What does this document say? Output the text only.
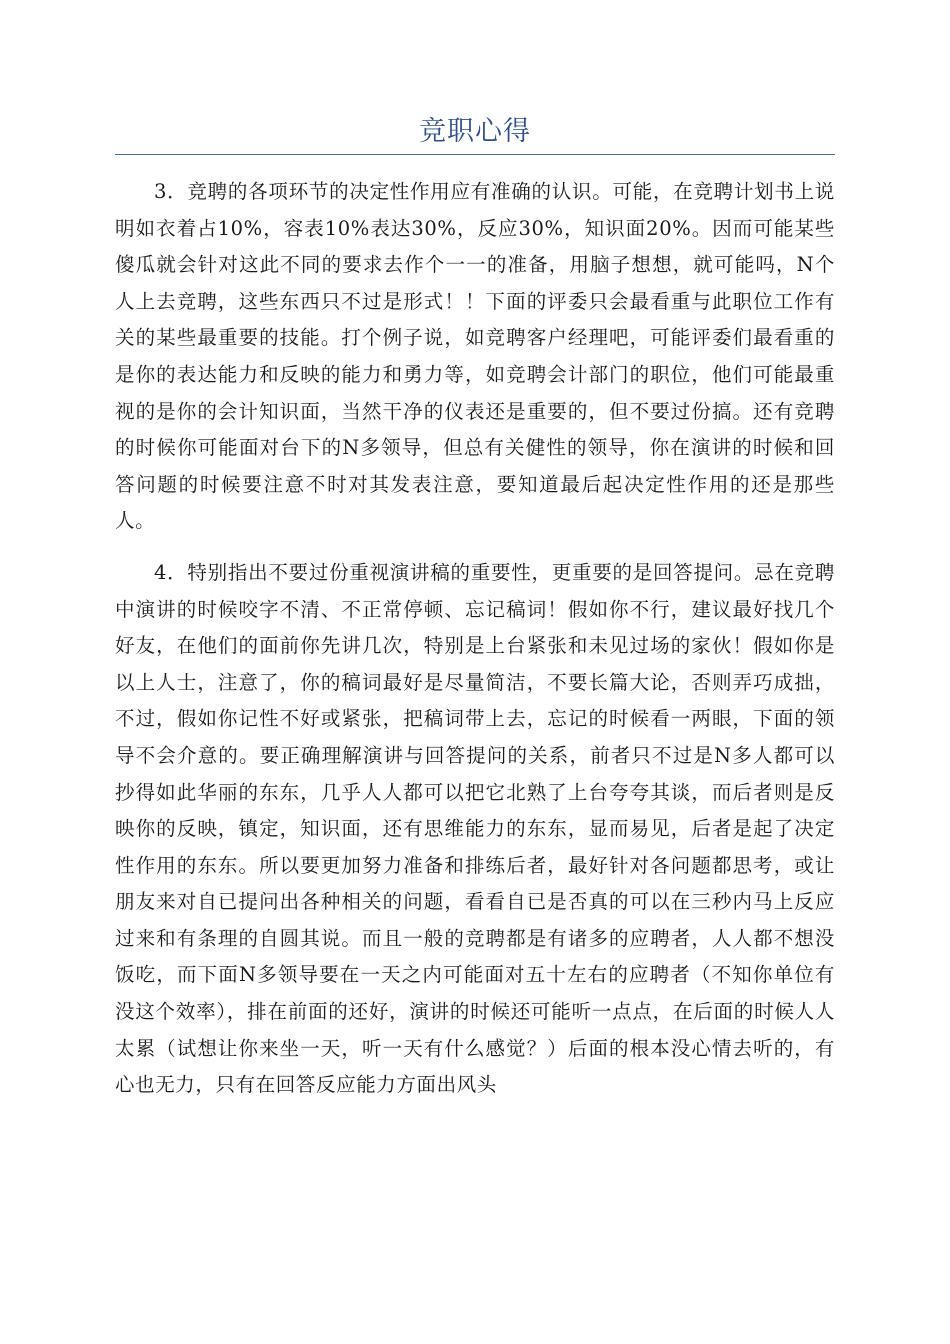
竞职心得

3．竞聘的各项环节的决定性作用应有准确的认识。可能，在竞聘计划书上说明如衣着占10%，容表10%表达30%，反应30%，知识面20%。因而可能某些傻瓜就会针对这此不同的要求去作个一一的准备，用脑子想想，就可能吗，N个人上去竞聘，这些东西只不过是形式！！下面的评委只会最看重与此职位工作有关的某些最重要的技能。打个例子说，如竞聘客户经理吧，可能评委们最看重的是你的表达能力和反映的能力和勇力等，如竞聘会计部门的职位，他们可能最重视的是你的会计知识面，当然干净的仪表还是重要的，但不要过份搞。还有竞聘的时候你可能面对台下的N多领导，但总有关健性的领导，你在演讲的时候和回答问题的时候要注意不时对其发表注意，要知道最后起决定性作用的还是那些人。

4．特别指出不要过份重视演讲稿的重要性，更重要的是回答提问。忌在竞聘中演讲的时候咬字不清、不正常停顿、忘记稿词！假如你不行，建议最好找几个好友，在他们的面前你先讲几次，特别是上台紧张和未见过场的家伙！假如你是以上人士，注意了，你的稿词最好是尽量简洁，不要长篇大论，否则弄巧成拙，不过，假如你记性不好或紧张，把稿词带上去，忘记的时候看一两眼，下面的领导不会介意的。要正确理解演讲与回答提问的关系，前者只不过是N多人都可以抄得如此华丽的东东，几乎人人都可以把它北熟了上台夸夸其谈，而后者则是反映你的反映，镇定，知识面，还有思维能力的东东，显而易见，后者是起了决定性作用的东东。所以要更加努力准备和排练后者，最好针对各问题都思考，或让朋友来对自已提问出各种相关的问题，看看自已是否真的可以在三秒内马上反应过来和有条理的自圆其说。而且一般的竞聘都是有诸多的应聘者，人人都不想没饭吃，而下面N多领导要在一天之内可能面对五十左右的应聘者（不知你单位有没这个效率），排在前面的还好，演讲的时候还可能听一点点，在后面的时候人人太累（试想让你来坐一天，听一天有什么感觉？）后面的根本没心情去听的，有心也无力，只有在回答反应能力方面出风头
